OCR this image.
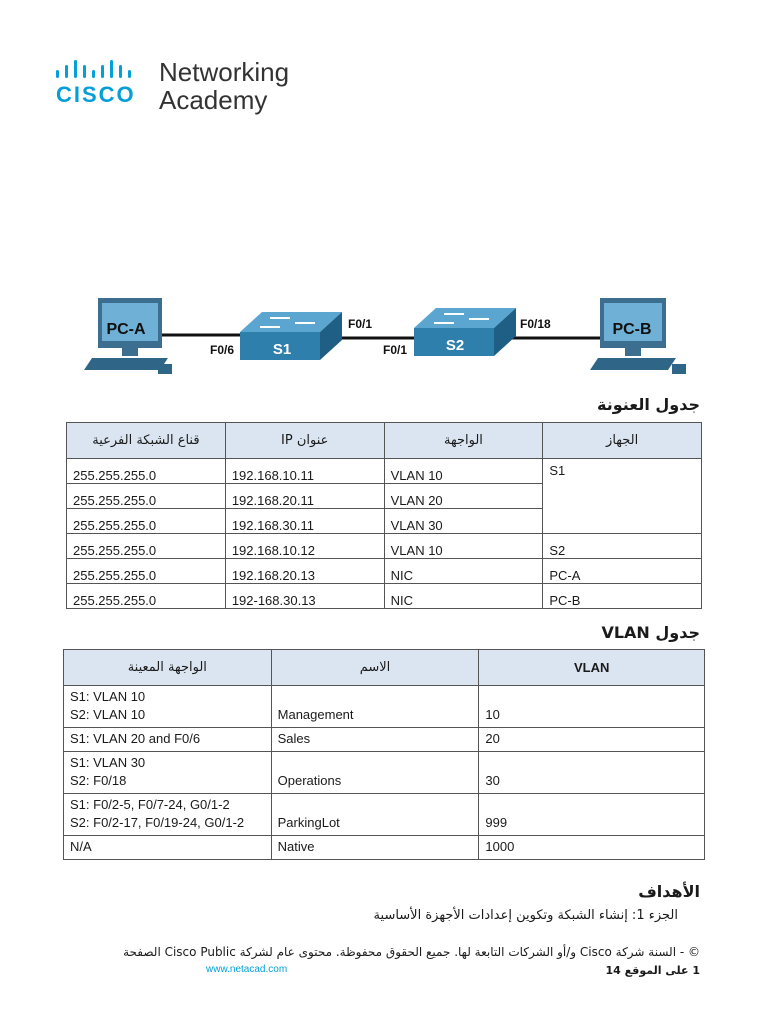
CISCO
Networking
Academy
PC-A
F0/6	S1
F0/1
S2
F0/1
F0/18	PC-B
جدول العنونة
قناع الشبكة الفرعية	عنوان IP	الواجهة	الجهاز
255.255.255.0	192.168.10.11	VLAN 10	S1
255.255.255.0	192.168.20.11	VLAN 20	
255.255.255.0	192.168.30.11	VLAN 30	
255.255.255.0	192.168.10.12	VLAN 10	S2
255.255.255.0	192.168.20.13	NIC	PC-A
255.255.255.0	192-168.30.13	NIC	PC-B
جدول VLAN
الواجهة المعينة	الاسم	VLAN

S1: VLAN 10
S2: VLAN 10	Management	10
S1: VLAN 20 and F0/6	Sales	20

S1: VLAN 30
S2: F0/18	Operations	30

S1: F0/2-5, F0/7-24, G0/1-2
S2: F0/2-17, F0/19-24, G0/1-2	ParkingLot	999
N/A	Native	1000
الأهداف
الجزء 1: إنشاء الشبكة وتكوين إعدادات الأجهزة الأساسية
© - السنة شركة Cisco و/أو الشركات التابعة لها. جميع الحقوق محفوظة. محتوى عام لشركة Cisco Public الصفحة
www.netacad.com	1 على الموقع 14
